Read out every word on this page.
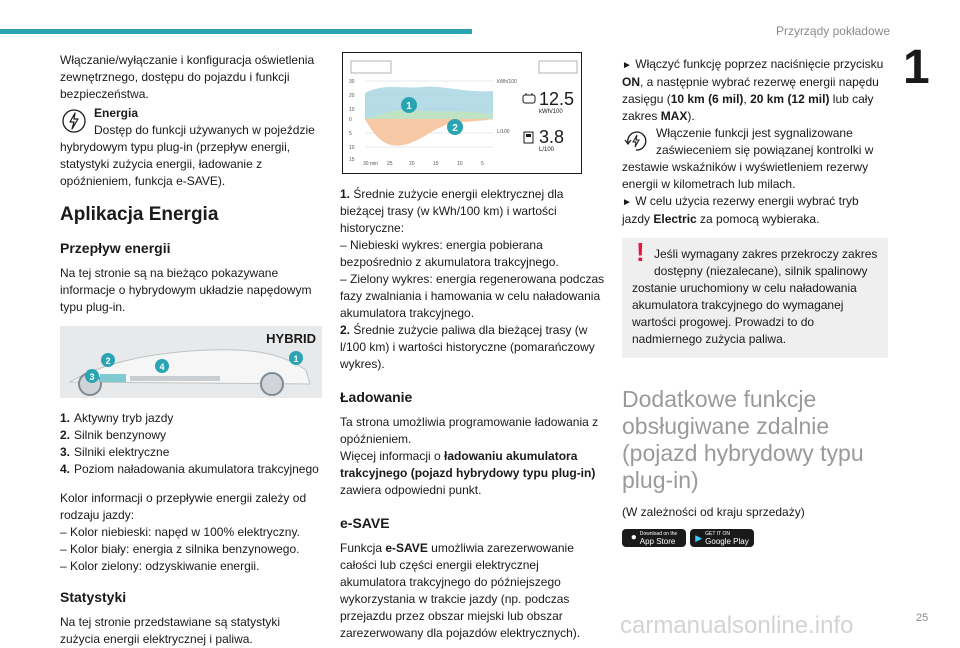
Przyrządy pokładowe
1

Włączanie/wyłączanie i konfiguracja oświetlenia zewnętrznego, dostępu do pojazdu i funkcji bezpieczeństwa.

Energia

Dostęp do funkcji używanych w pojeździe

hybrydowym typu plug-in (przepływ energii, statystyki zużycia energii, ładowanie z opóźnieniem, funkcja e-SAVE).

Aplikacja Energia
Przepływ energii

Na tej stronie są na bieżąco pokazywane informacje o hybrydowym układzie napędowym typu plug-in.

3
2
4
1
HYBRID
1. Aktywny tryb jazdy
2. Silnik benzynowy
3. Silniki elektryczne
4. Poziom naładowania akumulatora trakcyjnego

Kolor informacji o przepływie energii zależy od rodzaju jazdy:

– Kolor niebieski: napęd w 100% elektryczny.

– Kolor biały: energia z silnika benzynowego.

– Kolor zielony: odzyskiwanie energii.

Statystyki

Na tej stronie przedstawiane są statystyki zużycia energii elektrycznej i paliwa.

1
2
30
20
10
0
5
10
15
30 min 25	20	15	10	5
kWh/100
L/100
12.5
kWh/100
3.8
L/100

1. Średnie zużycie energii elektrycznej dla bieżącej trasy (w kWh/100 km) i wartości historyczne:

– Niebieski wykres: energia pobierana bezpośrednio z akumulatora trakcyjnego.

– Zielony wykres: energia regenerowana podczas fazy zwalniania i hamowania w celu naładowania akumulatora trakcyjnego.

2. Średnie zużycie paliwa dla bieżącej trasy (w l/100 km) i wartości historyczne (pomarańczowy wykres).

Ładowanie

Ta strona umożliwia programowanie ładowania z opóźnieniem.

Więcej informacji o ładowaniu akumulatora trakcyjnego (pojazd hybrydowy typu plug-in) zawiera odpowiedni punkt.

e-SAVE

Funkcja e-SAVE umożliwia zarezerwowanie całości lub części energii elektrycznej akumulatora trakcyjnego do późniejszego wykorzystania w trakcie jazdy (np. podczas przejazdu przez obszar miejski lub obszar zarezerwowany dla pojazdów elektrycznych).

► Włączyć funkcję poprzez naciśnięcie przycisku ON, a następnie wybrać rezerwę energii napędu zasięgu (10 km (6 mil), 20 km (12 mil) lub cały zakres MAX).

Włączenie funkcji jest sygnalizowane

zaświeceniem się powiązanej kontrolki w

zestawie wskaźników i wyświetleniem rezerwy energii w kilometrach lub milach.

► W celu użycia rezerwy energii wybrać tryb jazdy Electric za pomocą wybieraka.

! Jeśli wymagany zakres przekroczy zakres dostępny (niezalecane), silnik spalinowy

zostanie uruchomiony w celu naładowania akumulatora trakcyjnego do wymaganej wartości progowej. Prowadzi to do nadmiernego zużycia paliwa.

Dodatkowe funkcje obsługiwane zdalnie (pojazd hybrydowy typu plug-in)

(W zależności od kraju sprzedaży)

● Download on the
App Store ▶ GET IT ON
Google Play
carmanualsonline.info	25
